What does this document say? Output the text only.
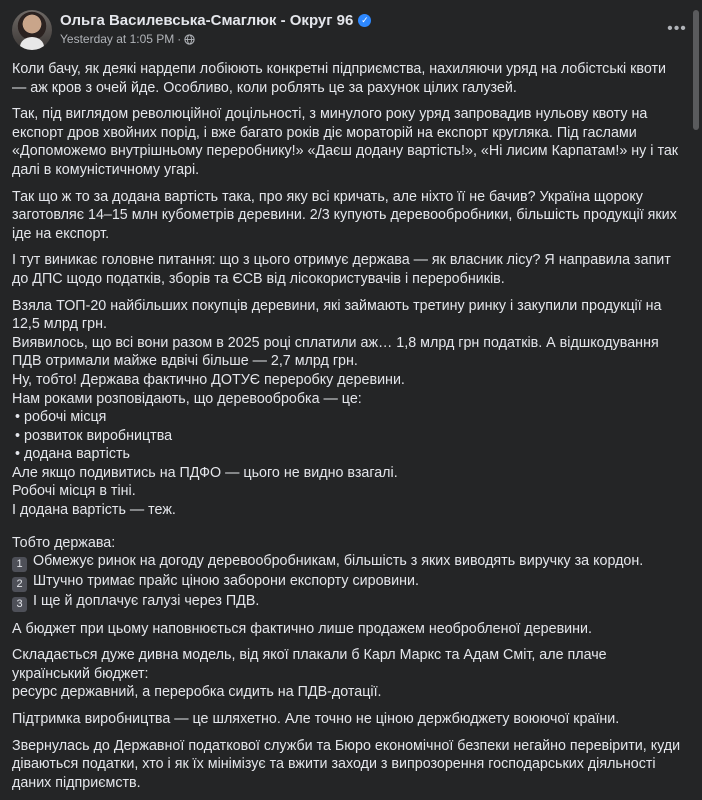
Ольга Василевська-Смаглюк - Округ 96 ✓
Yesterday at 1:05 PM ·
•••

Коли бачу, як деякі нардепи лобіюють конкретні підприємства, нахиляючи уряд на лобістські квоти — аж кров з очей йде. Особливо, коли роблять це за рахунок цілих галузей.

Так, під виглядом революційної доцільності, з минулого року уряд запровадив нульову квоту на експорт дров хвойних порід, і вже багато років діє мораторій на експорт кругляка. Під гаслами «Допоможемо внутрішньому переробнику!» «Даєш додану вартість!», «Ні лисим Карпатам!» ну і так далі в комуністичному угарі.

Так що ж то за додана вартість така, про яку всі кричать, але ніхто її не бачив? Україна щороку заготовляє 14–15 млн кубометрів деревини. 2/3 купують деревообробники, більшість продукції яких іде на експорт.

І тут виникає головне питання: що з цього отримує держава — як власник лісу? Я направила запит до ДПС щодо податків, зборів та ЄСВ від лісокористувачів і переробників.

Взяла ТОП-20 найбільших покупців деревини, які займають третину ринку і закупили продукції на 12,5 млрд грн.

Виявилось, що всі вони разом в 2025 році сплатили аж… 1,8 млрд грн податків. А відшкодування ПДВ отримали майже вдвічі більше — 2,7 млрд грн.

Ну, тобто! Держава фактично ДОТУЄ переробку деревини.

Нам роками розповідають, що деревообробка — це:

• робочі місця
• розвиток виробництва
• додана вартість

Але якщо подивитись на ПДФО — цього не видно взагалі.

Робочі місця в тіні.

І додана вартість — теж.

Тобто держава:

1 Обмежує ринок на догоду деревообробникам, більшість з яких виводять виручку за кордон.
2 Штучно тримає прайс ціною заборони експорту сировини.
3 І ще й доплачує галузі через ПДВ.

А бюджет при цьому наповнюється фактично лише продажем необробленої деревини.

Складається дуже дивна модель, від якої плакали б Карл Маркс та Адам Сміт, але плаче український бюджет:

ресурс державний, а переробка сидить на ПДВ-дотації.

Підтримка виробництва — це шляхетно. Але точно не ціною держбюджету воюючої країни.

Звернулась до Державної податкової служби та Бюро економічної безпеки негайно перевірити, куди діваються податки, хто і як їх мінімізує та вжити заходи з випрозорення господарських діяльності даних підприємств.
